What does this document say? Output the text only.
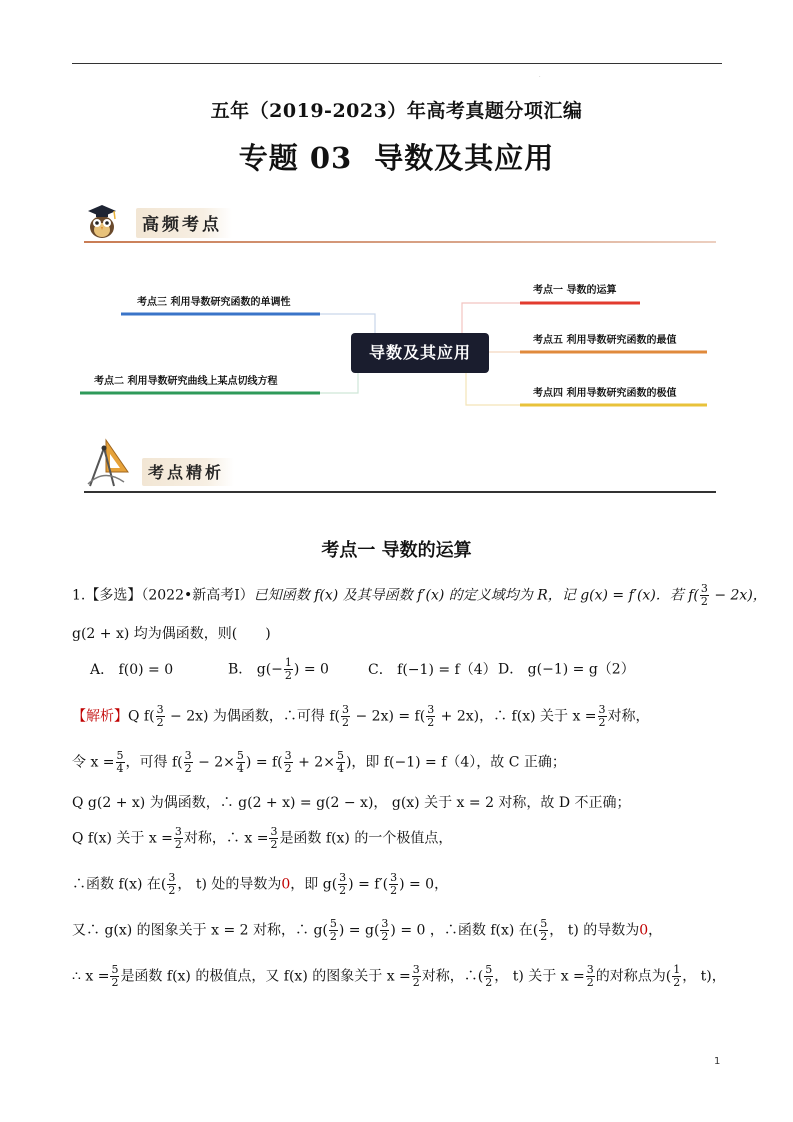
.
五年（2019-2023）年高考真题分项汇编
专题 03 导数及其应用
高频考点
导数及其应用
考点三 利用导数研究函数的单调性
考点二 利用导数研究曲线上某点切线方程
考点一 导数的运算
考点五 利用导数研究函数的最值
考点四 利用导数研究函数的极值
考点精析
考点一 导数的运算
1.【多选】（2022•新高考Ⅰ）已知函数 f(x) 及其导函数 f′(x) 的定义域均为 R，记 g(x) = f′(x)．若 $f( \frac{3}{2} - 2x)$，
g(2 + x) 均为偶函数，则(　　)
A． f(0) = 0	B． $g(- \frac{1}{2}$ ) = 0	C． f(−1) = f（4）D． g(−1) = g（2）
【解析】Q $f( \frac{3}{2} - 2x)$ 为偶函数，∴可得 $f( \frac{3}{2} - 2x) = f( \frac{3}{2} + 2x)$，∴ f(x) 关于 $x = \frac{3}{2}$ 对称，
令 $x = \frac{5}{4}$ ，可得 $f( \frac{3}{2} - 2\times \frac{5}{4}$ ) = $f( \frac{3}{2} + 2\times \frac{5}{4}$ )，即 f(−1) = f（4），故 C 正确；
Q g(2 + x) 为偶函数，∴ g(2 + x) = g(2 − x)， g(x) 关于 x = 2 对称，故 D 不正确；
Q f(x) 关于 $x = \frac{3}{2}$ 对称，∴ $x = \frac{3}{2}$ 是函数 f(x) 的一个极值点，
∴函数 f(x) 在( $\frac{3}{2}$ ， t) 处的导数为0，即 $g( \frac{3}{2}$ ) = $f'( \frac{3}{2}$ ) = 0，
又∴ g(x) 的图象关于 x = 2 对称，∴ $g( \frac{5}{2}$ ) = $g( \frac{3}{2}$ ) = 0 ，∴函数 f(x) 在( $\frac{5}{2}$ ， t) 的导数为0，
∴ $x = \frac{5}{2}$ 是函数 f(x) 的极值点，又 f(x) 的图象关于 $x = \frac{3}{2}$ 对称，∴( $\frac{5}{2}$ ， t) 关于 $x = \frac{3}{2}$ 的对称点为( $\frac{1}{2}$ ， t)，
1
